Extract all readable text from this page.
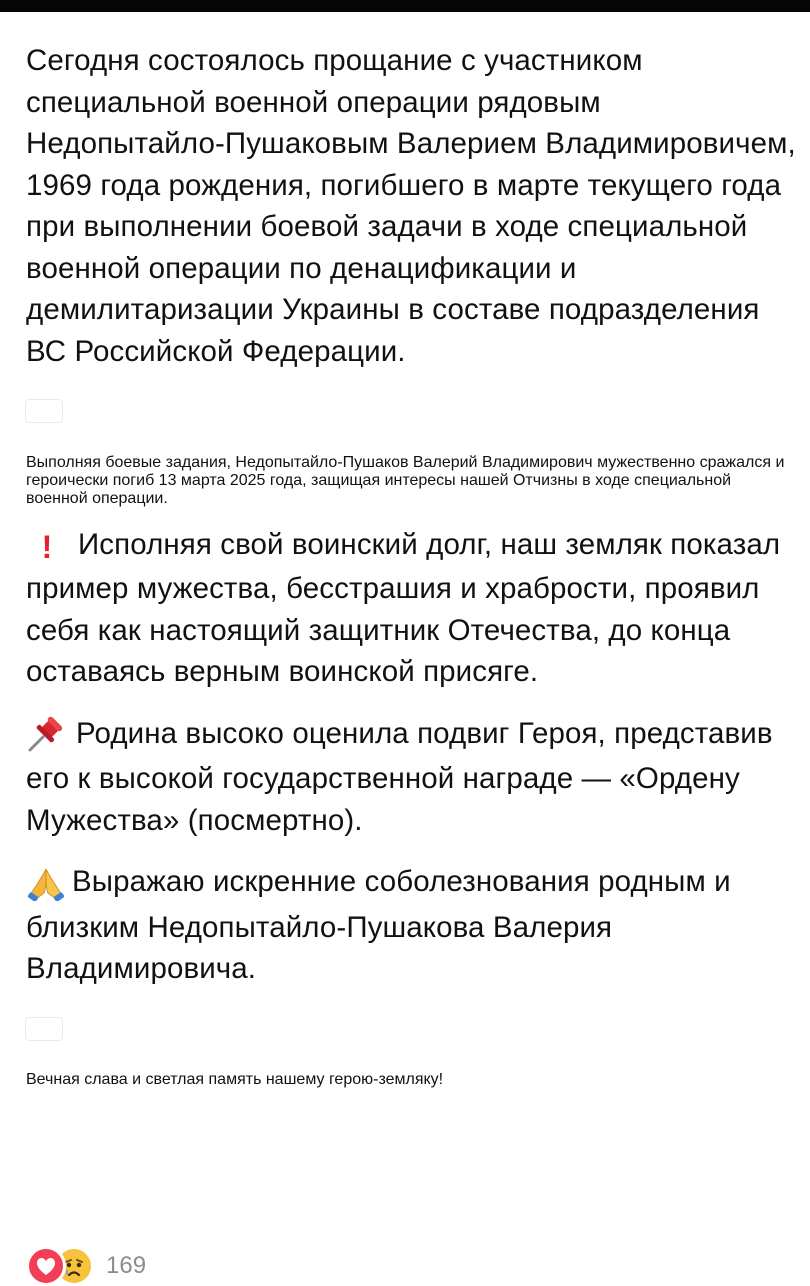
Сегодня состоялось прощание с участником специальной военной операции рядовым Недопытайло-Пушаковым Валерием Владимировичем, 1969 года рождения, погибшего в марте текущего года при выполнении боевой задачи в ходе специальной военной операции по денацификации и демилитаризации Украины в составе подразделения ВС Российской Федерации.

Выполняя боевые задания, Недопытайло-Пушаков Валерий Владимирович мужественно сражался и героически погиб 13 марта 2025 года, защищая интересы нашей Отчизны в ходе специальной военной операции.

! Исполняя свой воинский долг, наш земляк показал пример мужества, бесстрашия и храбрости, проявил себя как настоящий защитник Отечества, до конца оставаясь верным воинской присяге.

Родина высоко оценила подвиг Героя, представив его к высокой государственной награде — «Ордену Мужества» (посмертно).

Выражаю искренние соболезнования родным и близким Недопытайло-Пушакова Валерия Владимировича.

Вечная слава и светлая память нашему герою-земляку!

169
